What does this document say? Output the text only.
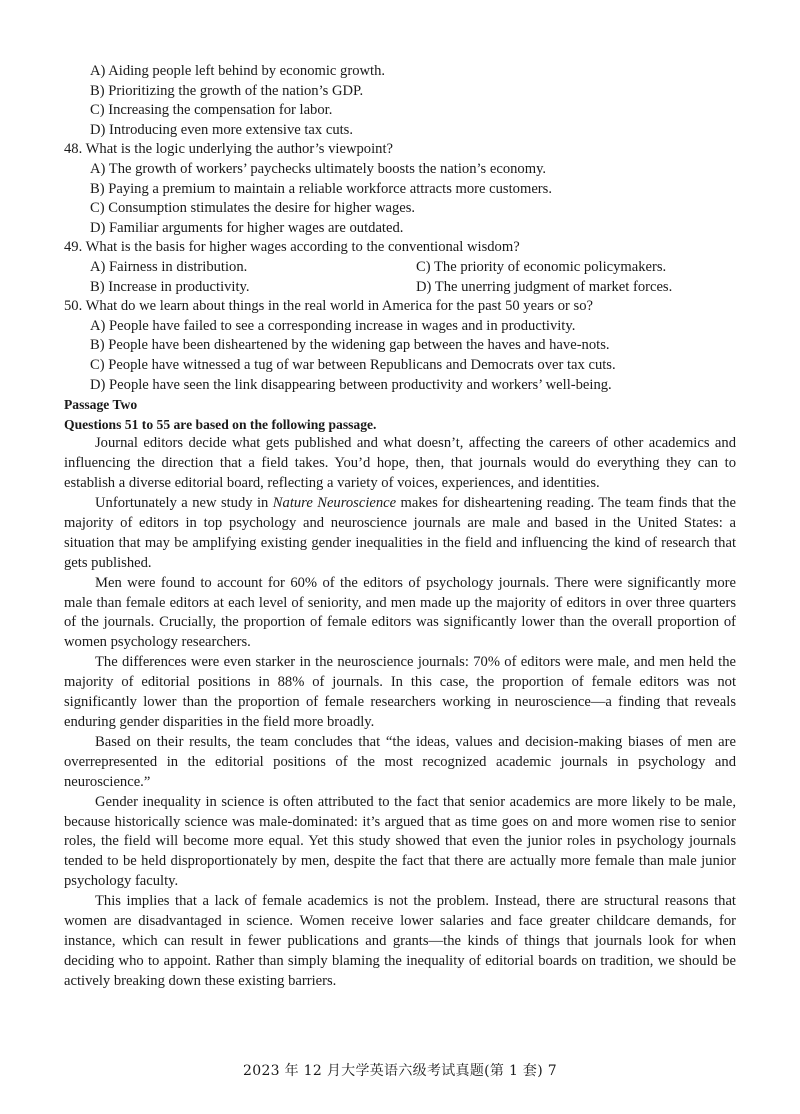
A) Aiding people left behind by economic growth.
B) Prioritizing the growth of the nation’s GDP.
C) Increasing the compensation for labor.
D) Introducing even more extensive tax cuts.
48. What is the logic underlying the author’s viewpoint?
A) The growth of workers’ paychecks ultimately boosts the nation’s economy.
B) Paying a premium to maintain a reliable workforce attracts more customers.
C) Consumption stimulates the desire for higher wages.
D) Familiar arguments for higher wages are outdated.
49. What is the basis for higher wages according to the conventional wisdom?
A) Fairness in distribution.	C) The priority of economic policymakers.
B) Increase in productivity.	D) The unerring judgment of market forces.
50. What do we learn about things in the real world in America for the past 50 years or so?
A) People have failed to see a corresponding increase in wages and in productivity.
B) People have been disheartened by the widening gap between the haves and have-nots.
C) People have witnessed a tug of war between Republicans and Democrats over tax cuts.
D) People have seen the link disappearing between productivity and workers’ well-being.
Passage Two
Questions 51 to 55 are based on the following passage.

Journal editors decide what gets published and what doesn’t, affecting the careers of other academics and influencing the direction that a field takes. You’d hope, then, that journals would do everything they can to establish a diverse editorial board, reflecting a variety of voices, experiences, and identities.

Unfortunately a new study in Nature Neuroscience makes for disheartening reading. The team finds that the majority of editors in top psychology and neuroscience journals are male and based in the United States: a situation that may be amplifying existing gender inequalities in the field and influencing the kind of research that gets published.

Men were found to account for 60% of the editors of psychology journals. There were significantly more male than female editors at each level of seniority, and men made up the majority of editors in over three quarters of the journals. Crucially, the proportion of female editors was significantly lower than the overall proportion of women psychology researchers.

The differences were even starker in the neuroscience journals: 70% of editors were male, and men held the majority of editorial positions in 88% of journals. In this case, the proportion of female editors was not significantly lower than the proportion of female researchers working in neuroscience—a finding that reveals enduring gender disparities in the field more broadly.

Based on their results, the team concludes that “the ideas, values and decision-making biases of men are overrepresented in the editorial positions of the most recognized academic journals in psychology and neuroscience.”

Gender inequality in science is often attributed to the fact that senior academics are more likely to be male, because historically science was male-dominated: it’s argued that as time goes on and more women rise to senior roles, the field will become more equal. Yet this study showed that even the junior roles in psychology journals tended to be held disproportionately by men, despite the fact that there are actually more female than male junior psychology faculty.

This implies that a lack of female academics is not the problem. Instead, there are structural reasons that women are disadvantaged in science. Women receive lower salaries and face greater childcare demands, for instance, which can result in fewer publications and grants—the kinds of things that journals look for when deciding who to appoint. Rather than simply blaming the inequality of editorial boards on tradition, we should be actively breaking down these existing barriers.

2023 年 12 月大学英语六级考试真题(第 1 套) 7
